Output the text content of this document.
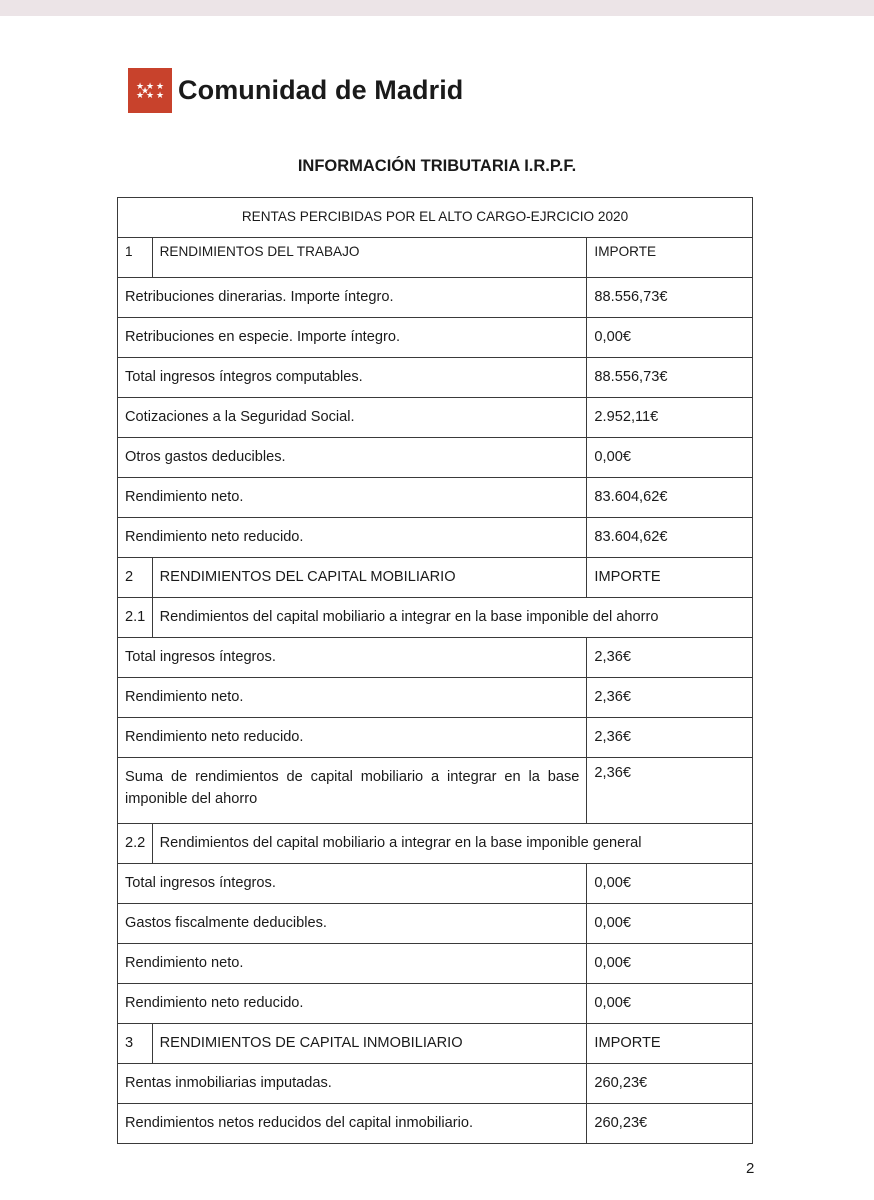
★ ★ ★
★ ★ ★
★ Comunidad de Madrid
INFORMACIÓN TRIBUTARIA I.R.P.F.
RENTAS PERCIBIDAS POR EL ALTO CARGO-EJRCICIO 2020		
1	RENDIMIENTOS DEL TRABAJO	IMPORTE
Retribuciones dinerarias. Importe íntegro.		88.556,73€
Retribuciones en especie. Importe íntegro.		0,00€
Total ingresos íntegros computables.		88.556,73€
Cotizaciones a la Seguridad Social.		2.952,11€
Otros gastos deducibles.		0,00€
Rendimiento neto.		83.604,62€
Rendimiento neto reducido.		83.604,62€
2	RENDIMIENTOS DEL CAPITAL MOBILIARIO	IMPORTE
2.1	Rendimientos del capital mobiliario a integrar en la base imponible del ahorro	
Total ingresos íntegros.		2,36€
Rendimiento neto.		2,36€
Rendimiento neto reducido.		2,36€
Suma de rendimientos de capital mobiliario a integrar en la base imponible del ahorro		2,36€
2.2	Rendimientos del capital mobiliario a integrar en la base imponible general	
Total ingresos íntegros.		0,00€
Gastos fiscalmente deducibles.		0,00€
Rendimiento neto.		0,00€
Rendimiento neto reducido.		0,00€
3	RENDIMIENTOS DE CAPITAL INMOBILIARIO	IMPORTE
Rentas inmobiliarias imputadas.		260,23€
Rendimientos netos reducidos del capital inmobiliario.		260,23€
2
